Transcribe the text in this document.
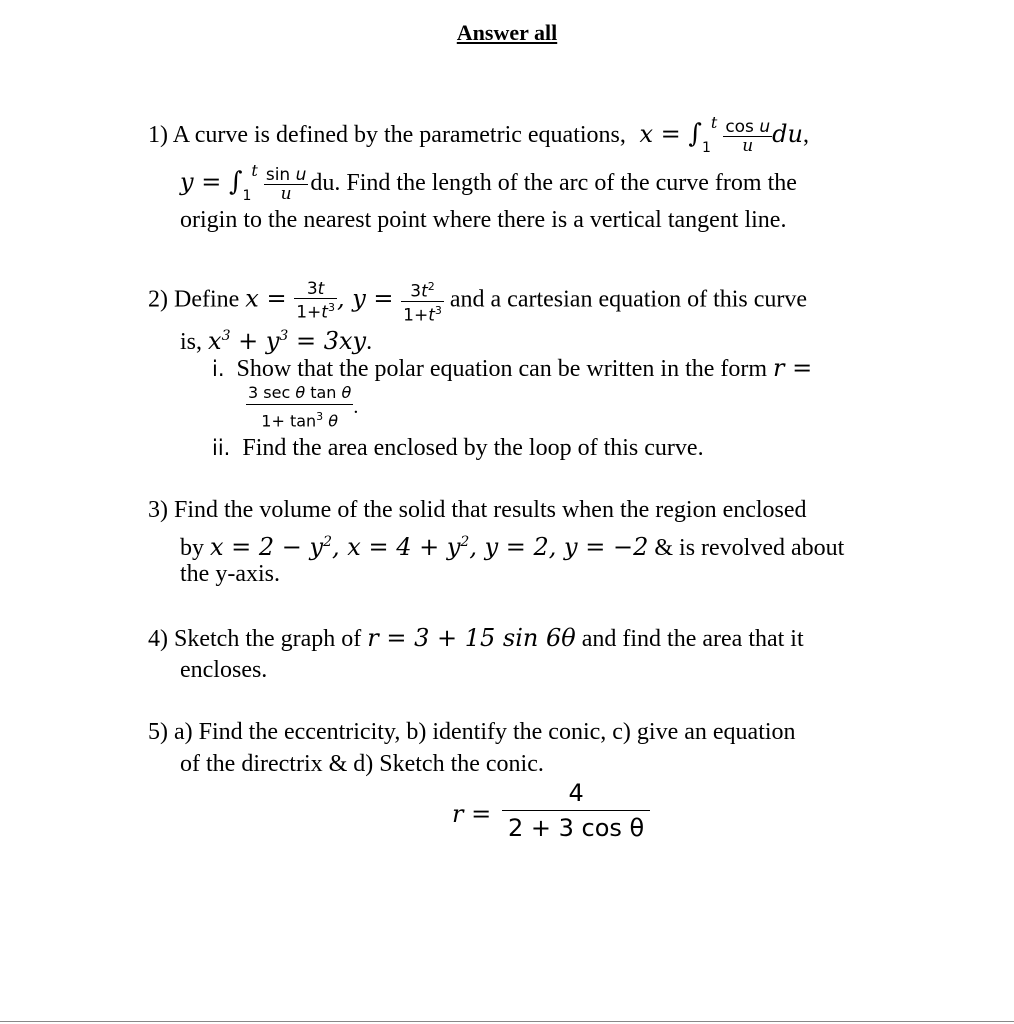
Answer all
1) A curve is defined by the parametric equations,  $x = \int_1^t \frac{\text{cos u}}{u}$ du,
$y = \int_1^t \frac{\text{sin u}}{u}$ du. Find the length of the arc of the curve from the
origin to the nearest point where there is a vertical tangent line.
2) Define $x = \frac{3t}{1+t^3}$ , $y = \frac{3t^2}{1+t^3}$ and a cartesian equation of this curve
is, $x^3 + y^3 = 3xy$.
i. Show that the polar equation can be written in the form r =
$\frac{\text{3 sec θ tan θ}}{1+ \tan^3 \theta}$ .
ii. Find the area enclosed by the loop of this curve.
3) Find the volume of the solid that results when the region enclosed
by $x = 2 - y^2$, $x = 4 + y^2$, y = 2, y = −2 & is revolved about
the y-axis.
4) Sketch the graph of r = 3 + 15 sin 6θ and find the area that it
encloses.
5) a) Find the eccentricity, b) identify the conic, c) give an equation
of the directrix & d) Sketch the conic.
$r = \frac{4}{\text{2 + 3 cos θ}}$
